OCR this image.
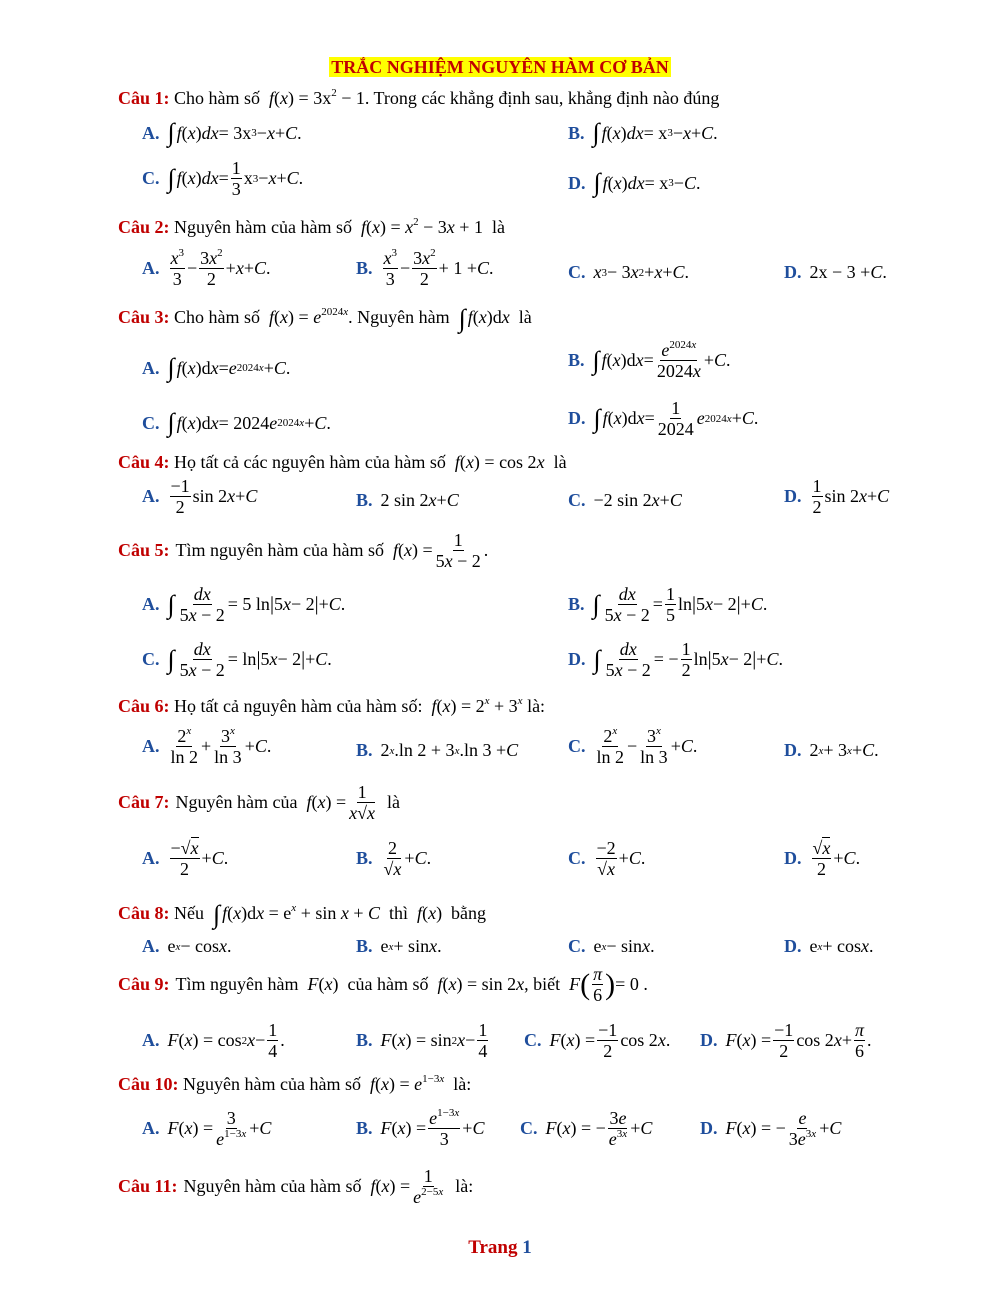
TRẮC NGHIỆM NGUYÊN HÀM CƠ BẢN
Câu 1: Cho hàm số  $f(x) = 3x^2 - 1$. Trong các khẳng định sau, khẳng định nào đúng
A. ∫ f ( x ) dx = 3x 3 − x + C .	B. ∫ f ( x ) dx = x 3 − x + C .
C. ∫ f ( x ) dx =
1
3
x 3 − x + C .	D. ∫ f ( x ) dx = x 3 − C .
Câu 2: Nguyên hàm của hàm số  $f(x) = x^2 - 3x + 1$  là
A.
$x^3$
3
−
$3x^2$
2
+ x + C .	B.
$x^3$
3
−
$3x^2$
2
+ 1 + C .	C. x 3 − 3 x 2 + x + C .	D. 2x − 3 + C .
Câu 3: Cho hàm số  $f(x) = e^{2024x}$. Nguyên hàm  ∫ f(x)dx  là
A. ∫ f ( x )d x = e 2024x + C .	B. ∫ f ( x )d x =
$e^{2024x}$
2024x
+ C .
C. ∫ f ( x )d x = 2024 e 2024x + C .	D. ∫ f ( x )d x =
1
2024
e 2024x + C .
Câu 4: Họ tất cả các nguyên hàm của hàm số  f(x) = cos 2x  là
A.
−1
2
sin 2 x + C	B. 2 sin 2 x + C	C. −2 sin 2 x + C	D.
1
2
sin 2 x + C
Câu 5: Tìm nguyên hàm của hàm số f ( x ) =
1
5x − 2
.
A. ∫ dx
5x − 2
= 5 ln | 5 x − 2 | + C .	B. ∫ dx
5x − 2
=
1
5
ln | 5 x − 2 | + C .
C. ∫ dx
5x − 2
= ln | 5 x − 2 | + C .	D. ∫ dx
5x − 2
= −
1
2
ln | 5 x − 2 | + C .
Câu 6: Họ tất cả nguyên hàm của hàm số:  $f(x) = 2^x + 3^x$ là:
A.
2$^x$
ln 2
+
$3^x$
ln 3
+ C .	B. 2 x .ln 2 + 3 x .ln 3 + C	C.
2$^x$
ln 2
−
$3^x$
ln 3
+ C .	D. 2 x + 3 x + C .
Câu 7: Nguyên hàm của f ( x ) =
1
x√x
là
A.
−√x
2
+ C .	B.
2
√x
+ C .	C.
−2
√x
+ C .	D.
√x
2
+ C .
Câu 8: Nếu  ∫ $f(x)dx = e^x + \sin x + C$  thì  f(x)  bằng
A. e x − cos x .	B. e x + sin x .	C. e x − sin x .	D. e x + cos x .
Câu 9: Tìm nguyên hàm F ( x )  của hàm số f ( x ) = sin 2 x , biết F ( π
6 ) = 0 .
A. F ( x ) = cos 2 x −
1
4
.	B. F ( x ) = sin 2 x −
1
4
C. F ( x ) =
−1
2
cos 2 x . D. F ( x ) =
−1
2
cos 2 x +
π
6
.
Câu 10: Nguyên hàm của hàm số  $f(x) = e^{1-3x}$  là:
A. F ( x ) =
3
$e^{1-3x} + C$	B. F ( x ) =
$e^{1-3x}$
3
+ C C. F ( x ) = −
3e
$e^{3x} + C$	D. F ( x ) = −
e
$3e^{3x} + C$
Câu 11: Nguyên hàm của hàm số f ( x ) =
1
$e^{2-5x}$ là:
Trang 1
